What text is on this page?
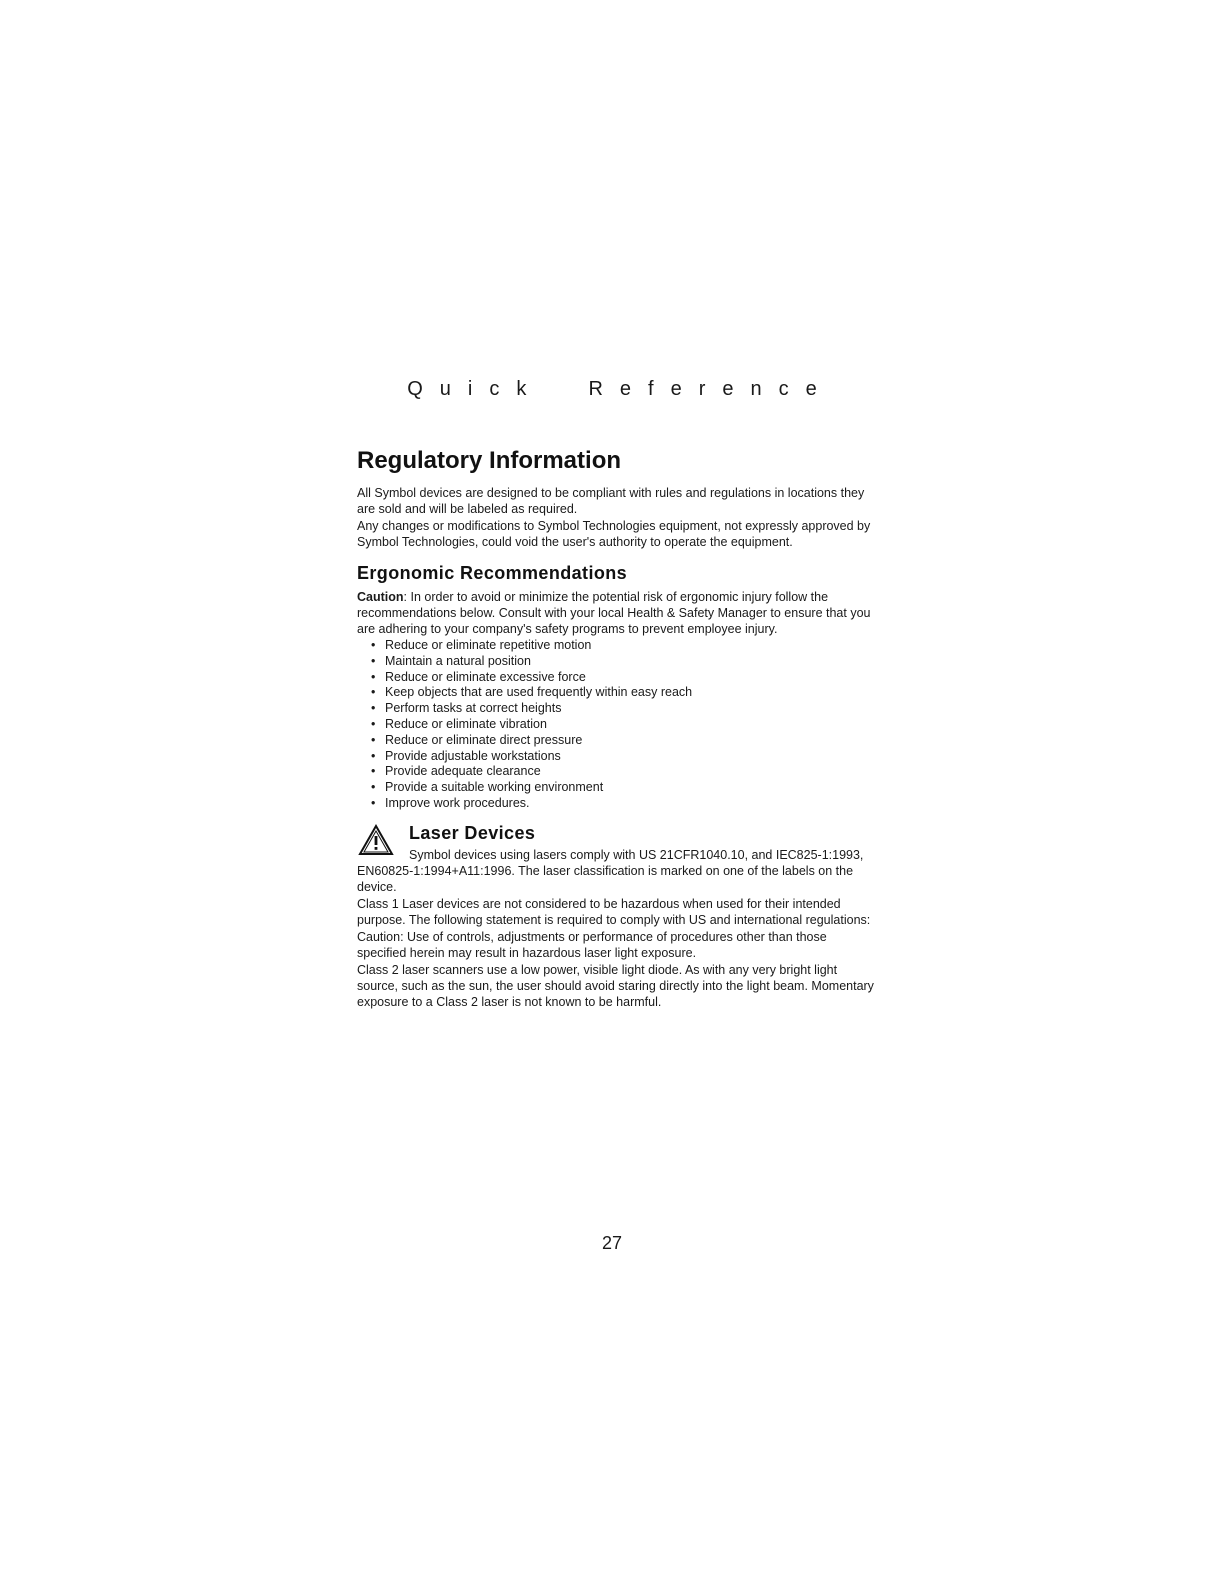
Quick  Reference
Regulatory Information

All Symbol devices are designed to be compliant with rules and regulations in locations they are sold and will be labeled as required.

Any changes or modifications to Symbol Technologies equipment, not expressly approved by Symbol Technologies, could void the user's authority to operate the equipment.

Ergonomic Recommendations

Caution: In order to avoid or minimize the potential risk of ergonomic injury follow the recommendations below. Consult with your local Health & Safety Manager to ensure that you are adhering to your company's safety programs to prevent employee injury.

• Reduce or eliminate repetitive motion
• Maintain a natural position
• Reduce or eliminate excessive force
• Keep objects that are used frequently within easy reach
• Perform tasks at correct heights
• Reduce or eliminate vibration
• Reduce or eliminate direct pressure
• Provide adjustable workstations
• Provide adequate clearance
• Provide a suitable working environment
• Improve work procedures.
Laser Devices

Symbol devices using lasers comply with US 21CFR1040.10, and IEC825-1:1993, EN60825-1:1994+A11:1996. The laser classification is marked on one of the labels on the device.

Class 1 Laser devices are not considered to be hazardous when used for their intended purpose. The following statement is required to comply with US and international regulations:

Caution: Use of controls, adjustments or performance of procedures other than those specified herein may result in hazardous laser light exposure.

Class 2 laser scanners use a low power, visible light diode. As with any very bright light source, such as the sun, the user should avoid staring directly into the light beam. Momentary exposure to a Class 2 laser is not known to be harmful.

27
